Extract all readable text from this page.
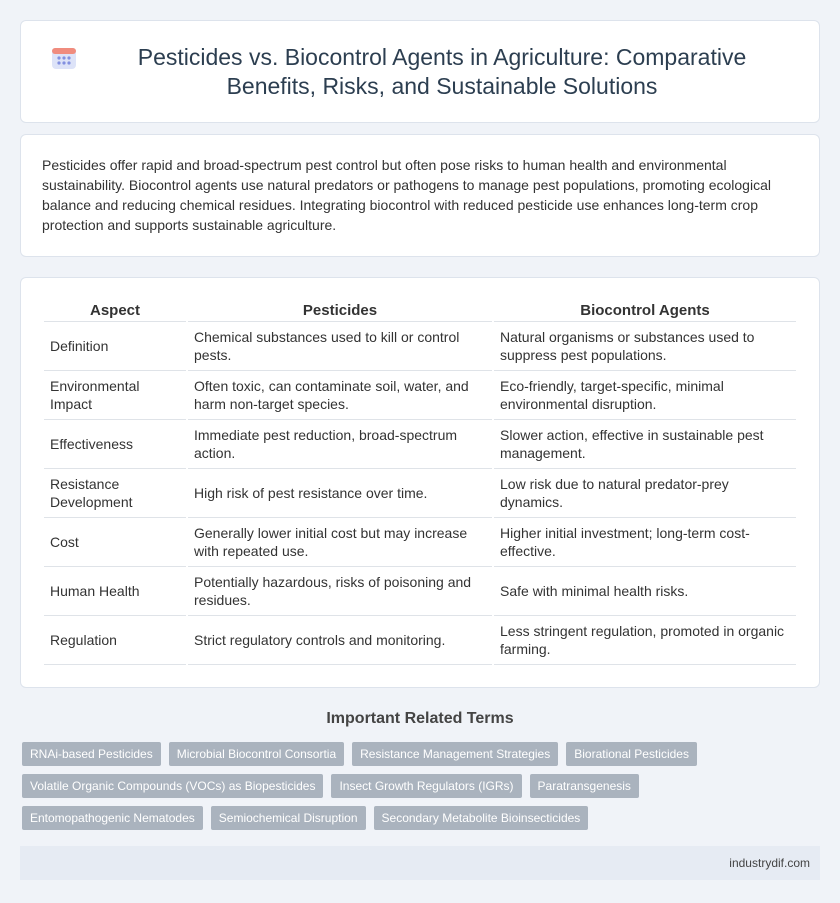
Pesticides vs. Biocontrol Agents in Agriculture: Comparative Benefits, Risks, and Sustainable Solutions

Pesticides offer rapid and broad-spectrum pest control but often pose risks to human health and environmental sustainability. Biocontrol agents use natural predators or pathogens to manage pest populations, promoting ecological balance and reducing chemical residues. Integrating biocontrol with reduced pesticide use enhances long-term crop protection and supports sustainable agriculture.

Aspect	Pesticides	Biocontrol Agents
Definition	Chemical substances used to kill or control pests.	Natural organisms or substances used to suppress pest populations.
Environmental Impact	Often toxic, can contaminate soil, water, and harm non-target species.	Eco-friendly, target-specific, minimal environmental disruption.
Effectiveness	Immediate pest reduction, broad-spectrum action.	Slower action, effective in sustainable pest management.
Resistance Development	High risk of pest resistance over time.	Low risk due to natural predator-prey dynamics.
Cost	Generally lower initial cost but may increase with repeated use.	Higher initial investment; long-term cost-effective.
Human Health	Potentially hazardous, risks of poisoning and residues.	Safe with minimal health risks.
Regulation	Strict regulatory controls and monitoring.	Less stringent regulation, promoted in organic farming.
Important Related Terms
RNAi-based Pesticides	Microbial Biocontrol Consortia	Resistance Management Strategies	Biorational Pesticides
Volatile Organic Compounds (VOCs) as Biopesticides	Insect Growth Regulators (IGRs)	Paratransgenesis
Entomopathogenic Nematodes	Semiochemical Disruption	Secondary Metabolite Bioinsecticides
industrydif.com
